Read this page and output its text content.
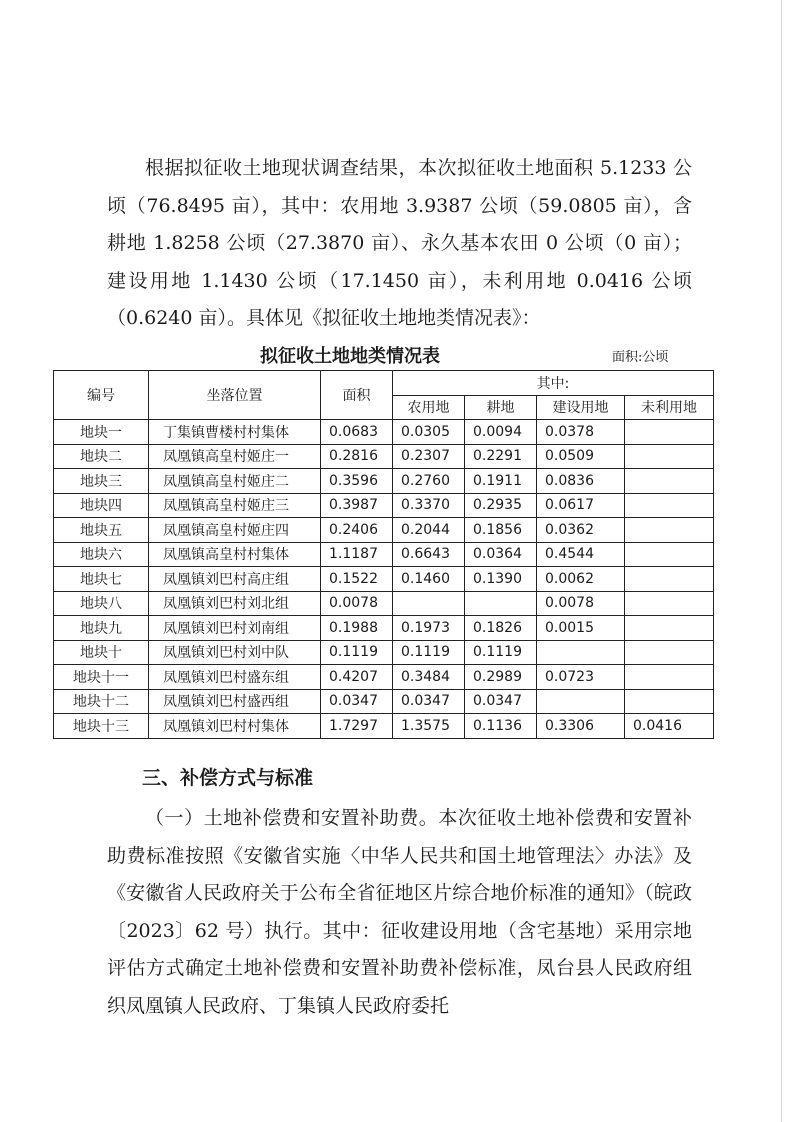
根据拟征收土地现状调查结果，本次拟征收土地面积 5.1233 公顷（76.8495 亩），其中：农用地 3.9387 公顷（59.0805 亩），含耕地 1.8258 公顷（27.3870 亩）、永久基本农田 0 公顷（0 亩）；建设用地 1.1430 公顷（17.1450 亩），未利用地 0.0416 公顷（0.6240 亩）。具体见《拟征收土地地类情况表》：

拟征收土地地类情况表	面积:公顷
编号	坐落位置	面积	其中:			
			农用地	耕地	建设用地	未利用地
地块一	丁集镇曹楼村村集体	0.0683	0.0305	0.0094	0.0378	
地块二	凤凰镇高皇村姬庄一	0.2816	0.2307	0.2291	0.0509	
地块三	凤凰镇高皇村姬庄二	0.3596	0.2760	0.1911	0.0836	
地块四	凤凰镇高皇村姬庄三	0.3987	0.3370	0.2935	0.0617	
地块五	凤凰镇高皇村姬庄四	0.2406	0.2044	0.1856	0.0362	
地块六	凤凰镇高皇村村集体	1.1187	0.6643	0.0364	0.4544	
地块七	凤凰镇刘巴村高庄组	0.1522	0.1460	0.1390	0.0062	
地块八	凤凰镇刘巴村刘北组	0.0078			0.0078	
地块九	凤凰镇刘巴村刘南组	0.1988	0.1973	0.1826	0.0015	
地块十	凤凰镇刘巴村刘中队	0.1119	0.1119	0.1119		
地块十一	凤凰镇刘巴村盛东组	0.4207	0.3484	0.2989	0.0723	
地块十二	凤凰镇刘巴村盛西组	0.0347	0.0347	0.0347		
地块十三	凤凰镇刘巴村村集体	1.7297	1.3575	0.1136	0.3306	0.0416
三、补偿方式与标准

（一）土地补偿费和安置补助费。本次征收土地补偿费和安置补助费标准按照《安徽省实施〈中华人民共和国土地管理法〉办法》及《安徽省人民政府关于公布全省征地区片综合地价标准的通知》（皖政〔2023〕62 号）执行。其中：征收建设用地（含宅基地）采用宗地评估方式确定土地补偿费和安置补助费补偿标准，凤台县人民政府组织凤凰镇人民政府、丁集镇人民政府委托
